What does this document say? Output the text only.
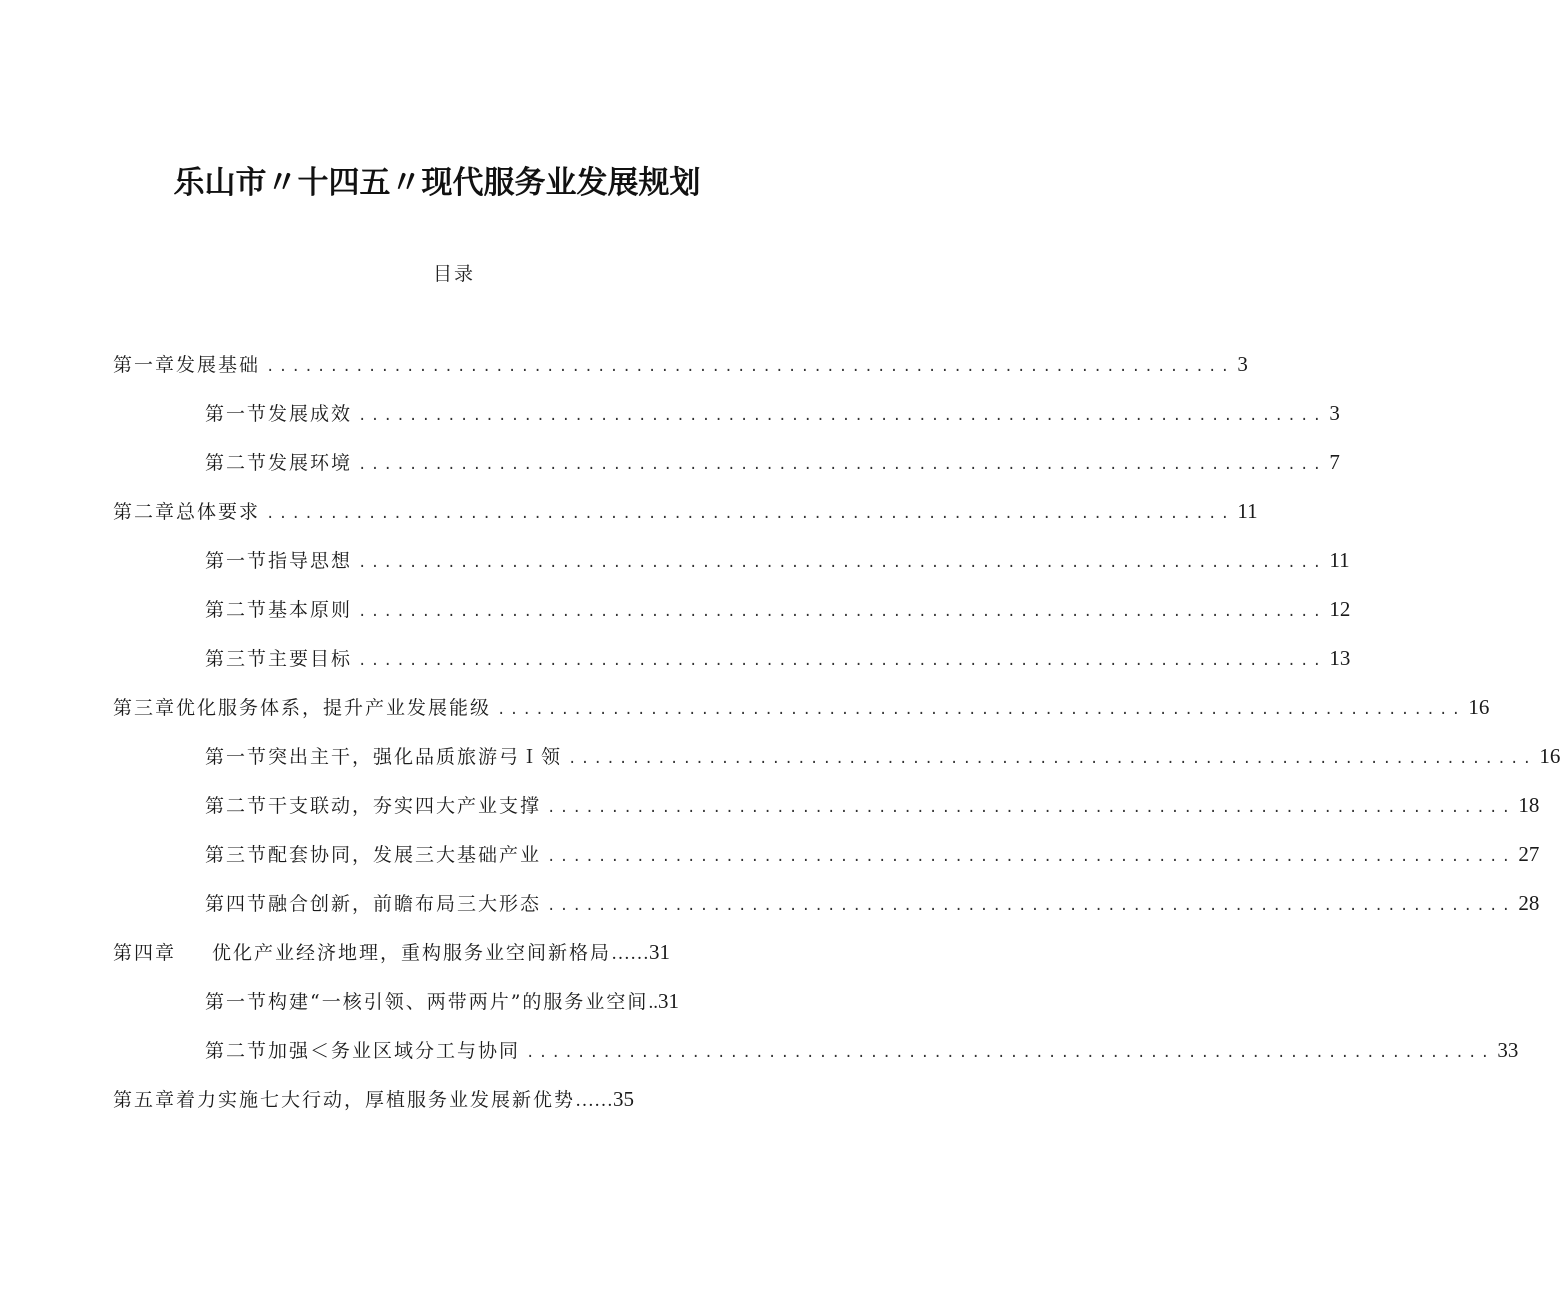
乐山市〃十四五〃现代服务业发展规划
目录
第一章发展基础 ............................................................................ 3
第一节发展成效 ............................................................................ 3
第二节发展环境 ............................................................................ 7
第二章总体要求 ............................................................................ 11
第一节指导思想 ............................................................................ 11
第二节基本原则 ............................................................................ 12
第三节主要目标 ............................................................................ 13
第三章优化服务体系，提升产业发展能级 ............................................................................ 16
第一节突出主干，强化品质旅游弓Ｉ领 ............................................................................ 16
第二节干支联动，夯实四大产业支撑 ............................................................................ 18
第三节配套协同，发展三大基础产业 ............................................................................ 27
第四节融合创新，前瞻布局三大形态 ............................................................................ 28
第四章 优化产业经济地理，重构服务业空间新格局……31
第一节构建“一核引领、两带两片”的服务业空间..31
第二节加强＜务业区域分工与协同 ............................................................................ 33
第五章着力实施七大行动，厚植服务业发展新优势……35
